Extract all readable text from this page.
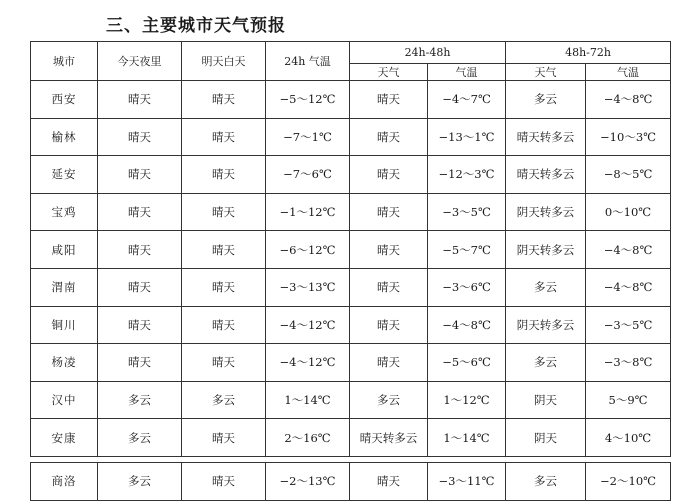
三、主要城市天气预报
城市	今天夜里	明天白天	24h 气温	24h-48h		48h-72h	
				天气	气温	天气	气温
西安	晴天	晴天	−5～12℃	晴天	−4～7℃	多云	−4～8℃
榆林	晴天	晴天	−7～1℃	晴天	−13～1℃	晴天转多云	−10～3℃
延安	晴天	晴天	−7～6℃	晴天	−12～3℃	晴天转多云	−8～5℃
宝鸡	晴天	晴天	−1～12℃	晴天	−3～5℃	阴天转多云	0～10℃
咸阳	晴天	晴天	−6～12℃	晴天	−5～7℃	阴天转多云	−4～8℃
渭南	晴天	晴天	−3～13℃	晴天	−3～6℃	多云	−4～8℃
铜川	晴天	晴天	−4～12℃	晴天	−4～8℃	阴天转多云	−3～5℃
杨凌	晴天	晴天	−4～12℃	晴天	−5～6℃	多云	−3～8℃
汉中	多云	多云	1～14℃	多云	1～12℃	阴天	5～9℃
安康	多云	晴天	2～16℃	晴天转多云	1～14℃	阴天	4～10℃

商洛	多云	晴天	−2～13℃	晴天	−3～11℃	多云	−2～10℃
